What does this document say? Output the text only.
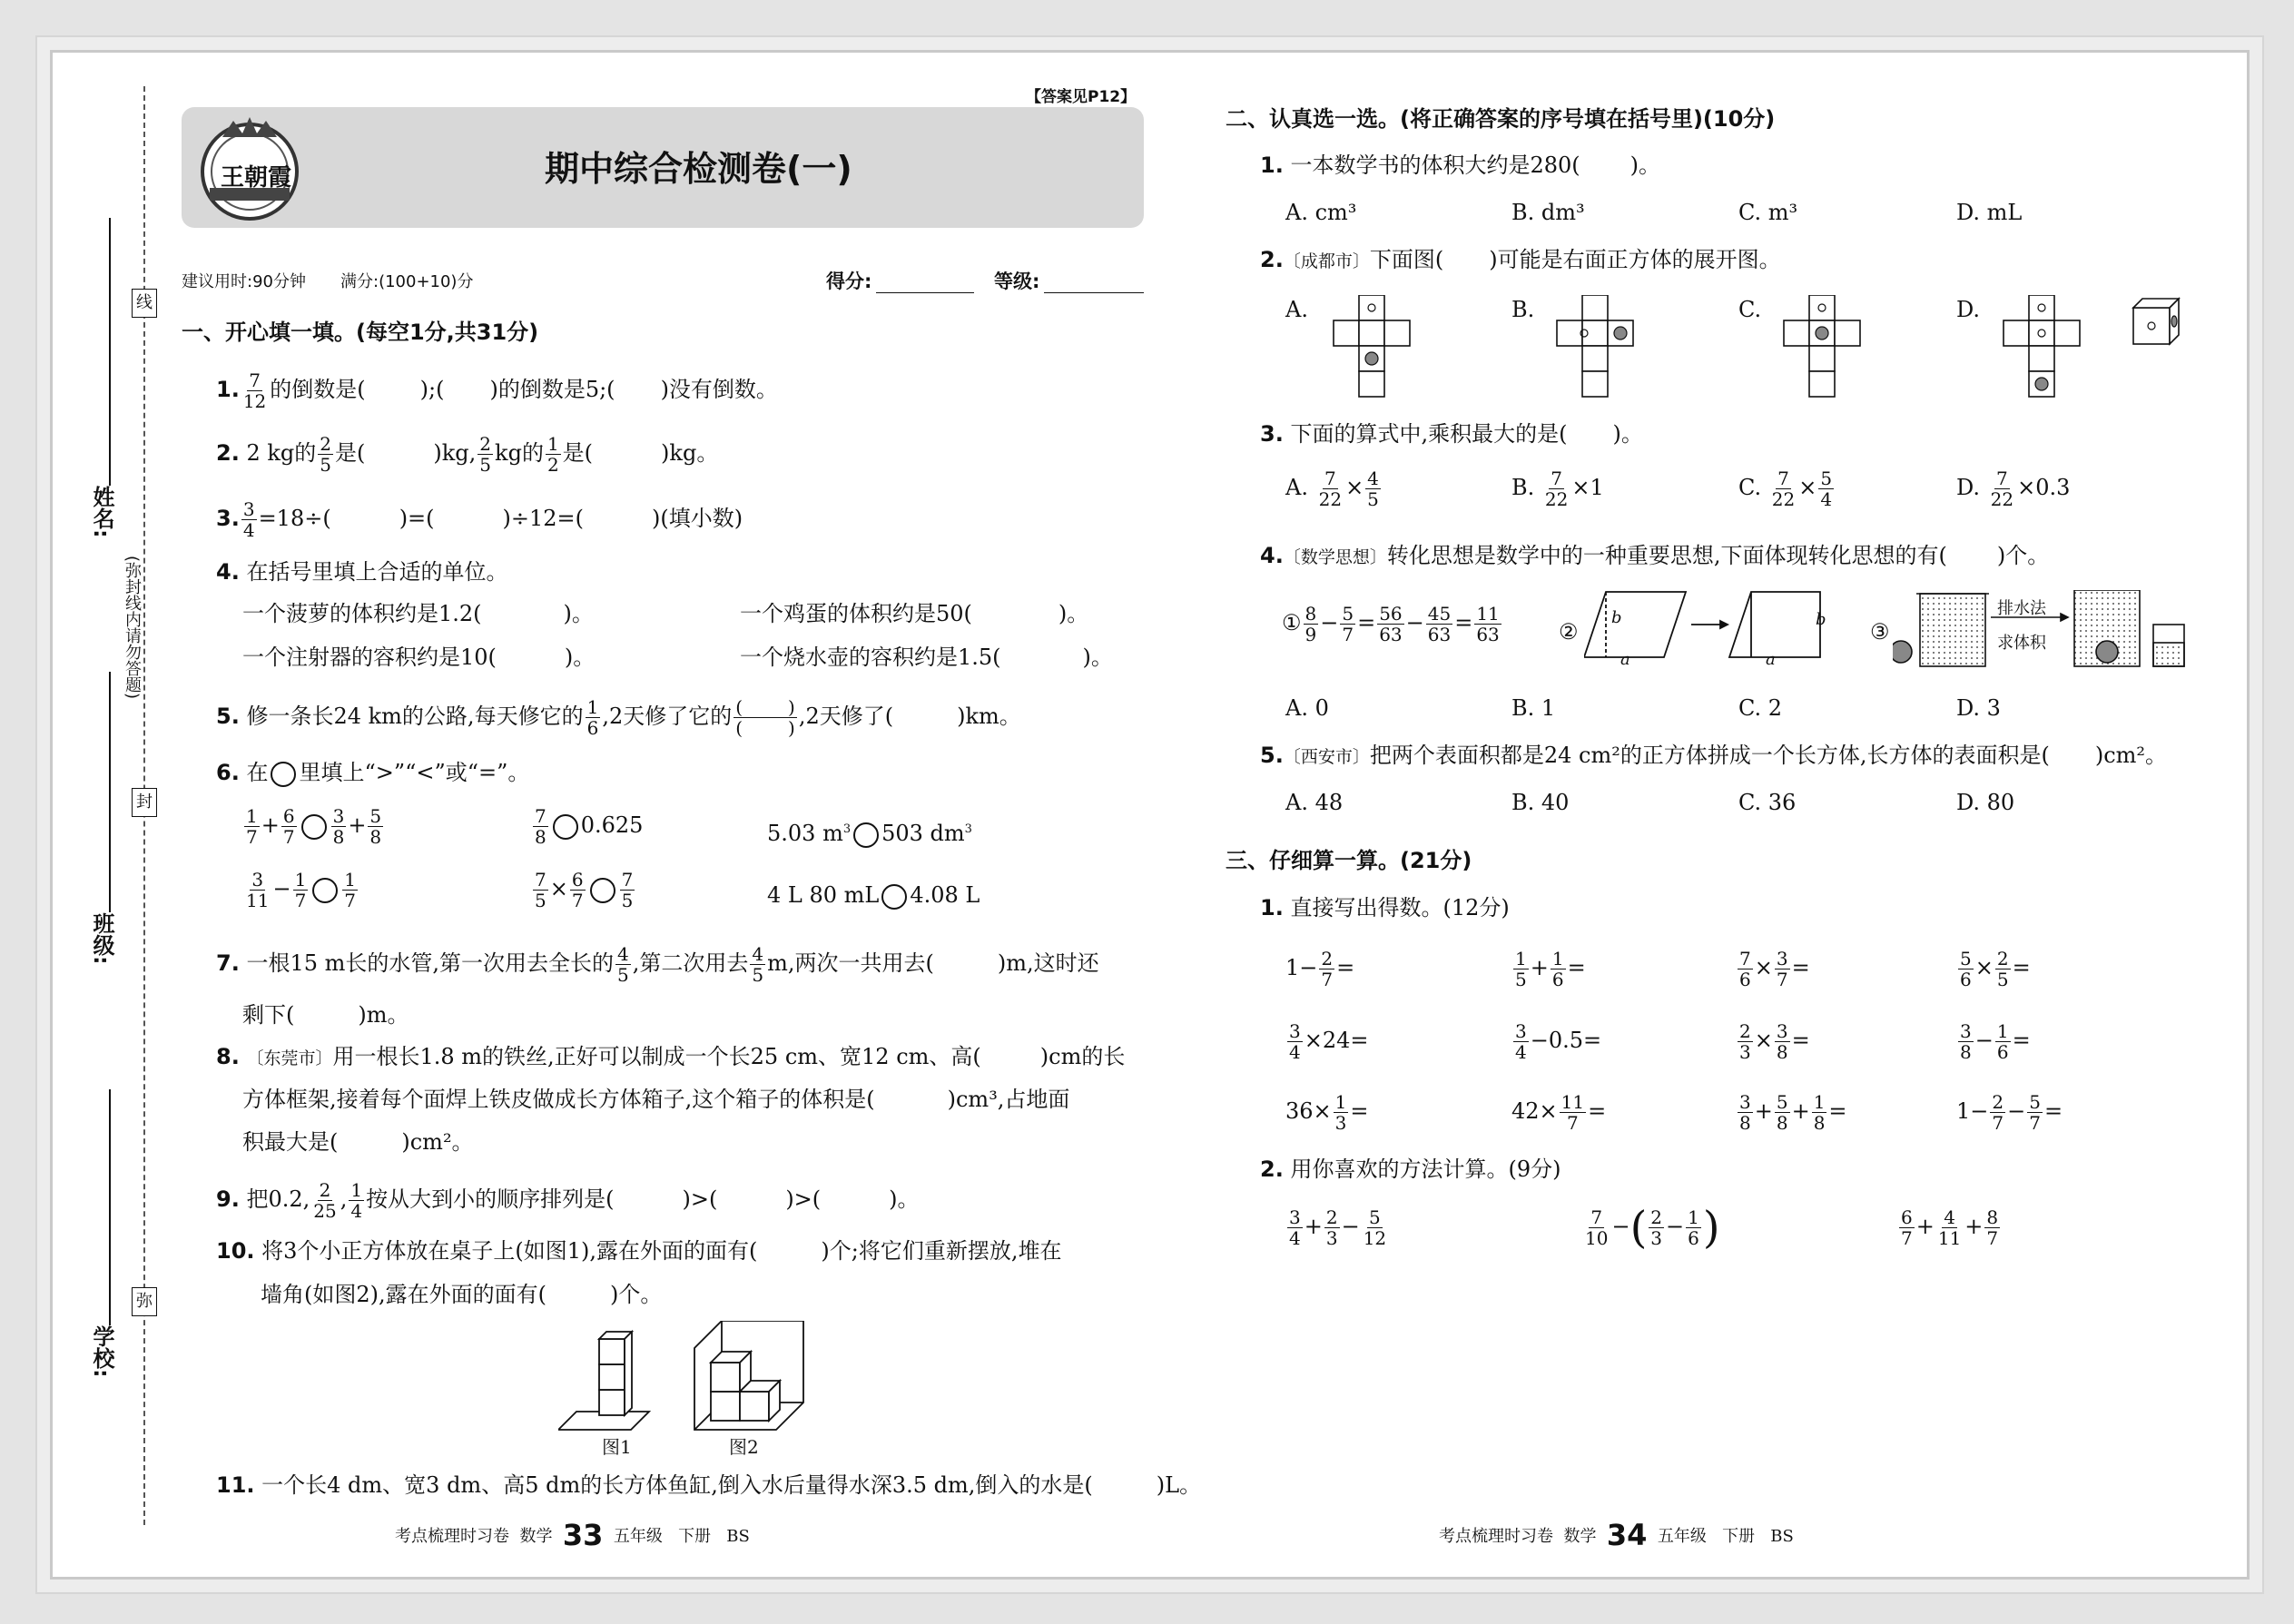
姓名:
班级:
学校:
线
封
弥
(弥封线内请勿答题)
【答案见P12】
王朝霞	期中综合检测卷(一)
建议用时:90分钟 满分:(100+10)分	得分:	等级:
一、开心填一填。(每空1分,共31分)
1. $\frac{7}{12}$ 的倒数是(	);( )的倒数是5;( )没有倒数。
2. 2 kg的 $\frac{2}{5}$ 是(	)kg, $\frac{2}{5}$ kg的 $\frac{1}{2}$ 是(	)kg。
3. $\frac{3}{4} =18\div$(	)=(	)÷12=(	)(填小数)
4. 在括号里填上合适的单位。
一个菠萝的体积约是1.2(	)。	一个鸡蛋的体积约是50(	)。
一个注射器的容积约是10(	)。	一个烧水壶的容积约是1.5(	)。
5. 修一条长24 km的公路,每天修它的 $\frac{1}{6} ,2$天修了它的 (	)
(	) ,2天修了(	)km。
6. 在 里填上“>”“<”或“=”。
$\frac{1}{7} + \frac{6}{7} \frac{3}{8} + \frac{5}{8}$	$\frac{7}{8} 0.625$	5.03 $m^3$ 503 $dm^3$
$\frac{3}{11} - \frac{1}{7} \frac{1}{7}$	$\frac{7}{5} \times \frac{6}{7} \frac{7}{5}$	4 L 80 mL 4.08 L
7. 一根15 m长的水管,第一次用去全长的 $\frac{4}{5}$ ,第二次用去 $\frac{4}{5} m$,两次一共用去(	)m,这时还
剩下(	)m。
8. 〔东莞市〕用一根长1.8 m的铁丝,正好可以制成一个长25 cm、宽12 cm、高(	)cm的长
方体框架,接着每个面焊上铁皮做成长方体箱子,这个箱子的体积是(	)cm³,占地面
积最大是(	)cm²。
9. 把0.2, $\frac{2}{25}$ , $\frac{1}{4}$ 按从大到小的顺序排列是(	)>(	)>(	)。
10. 将3个小正方体放在桌子上(如图1),露在外面的面有(	)个;将它们重新摆放,堆在
墙角(如图2),露在外面的面有(	)个。
图1	图2
11. 一个长4 dm、宽3 dm、高5 dm的长方体鱼缸,倒入水后量得水深3.5 dm,倒入的水是(	)L。
二、认真选一选。(将正确答案的序号填在括号里)(10分)
1. 一本数学书的体积大约是280( )。
A. cm³	B. dm³	C. m³	D. mL
2.〔成都市〕下面图( )可能是右面正方体的展开图。
A.	B.	C.	D.
3. 下面的算式中,乘积最大的是( )。
A. $\frac{7}{22} \times \frac{4}{5}$	B. $\frac{7}{22} \times 1$	C. $\frac{7}{22} \times \frac{5}{4}$	D. $\frac{7}{22} \times 0.3$
4.〔数学思想〕转化思想是数学中的一种重要思想,下面体现转化思想的有( )个。
① $\frac{8}{9} - \frac{5}{7} = \frac{56}{63} - \frac{45}{63} = \frac{11}{63}$	②
b
a
b
a
③
排水法
求体积
A. 0	B. 1	C. 2	D. 3
5.〔西安市〕把两个表面积都是24 cm²的正方体拼成一个长方体,长方体的表面积是( )cm²。
A. 48	B. 40	C. 36	D. 80
三、仔细算一算。(21分)
1. 直接写出得数。(12分)
$1- \frac{2}{7}$ =	$\frac{1}{5} + \frac{1}{6}$ =	$\frac{7}{6} \times \frac{3}{7}$ =	$\frac{5}{6} \times \frac{2}{5}$ =
$\frac{3}{4} \times 24=$	$\frac{3}{4} -0.5=$	$\frac{2}{3} \times \frac{3}{8}$ =	$\frac{3}{8} - \frac{1}{6}$ =
$36\times \frac{1}{3}$ =	$42\times \frac{11}{7}$ =	$\frac{3}{8} + \frac{5}{8} + \frac{1}{8}$ =	$1- \frac{2}{7} - \frac{5}{7}$ =
2. 用你喜欢的方法计算。(9分)
$\frac{3}{4} + \frac{2}{3} - \frac{5}{12}$	$\frac{7}{10}$ −( $\frac{2}{3} - \frac{1}{6}$ )	$\frac{6}{7} + \frac{4}{11} + \frac{8}{7}$
考点梳理时习卷 数学 33 五年级 下册 BS	考点梳理时习卷 数学 34 五年级 下册 BS
